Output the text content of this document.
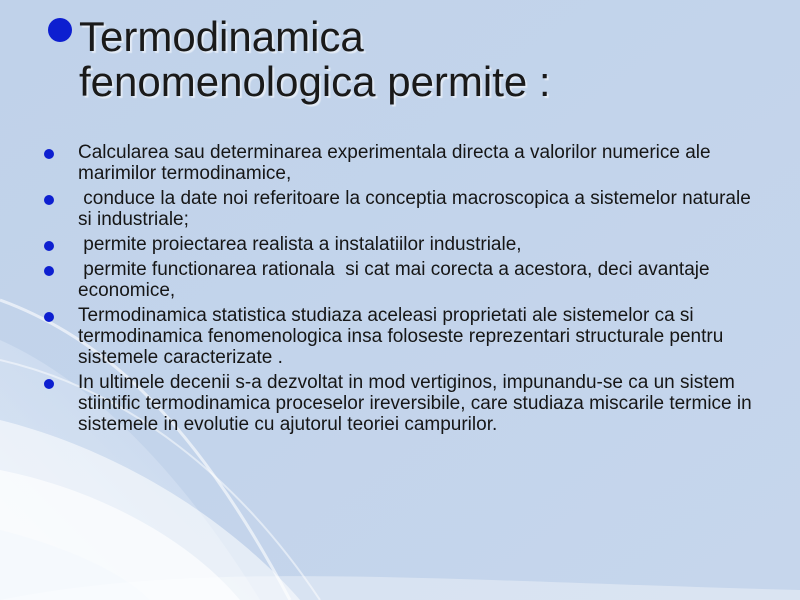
Termodinamica
fenomenologica permite :
Calcularea sau determinarea experimentala directa a valorilor numerice ale marimilor termodinamice,
conduce la date noi referitoare la conceptia macroscopica a sistemelor naturale si industriale;
permite proiectarea realista a instalatiilor industriale,
permite functionarea rationala  si cat mai corecta a acestora, deci avantaje economice,
Termodinamica statistica studiaza aceleasi proprietati ale sistemelor ca si termodinamica fenomenologica insa foloseste reprezentari structurale pentru sistemele caracterizate .
In ultimele decenii s-a dezvoltat in mod vertiginos, impunandu-se ca un sistem stiintific termodinamica proceselor ireversibile, care studiaza miscarile termice in sistemele in evolutie cu ajutorul teoriei campurilor.
